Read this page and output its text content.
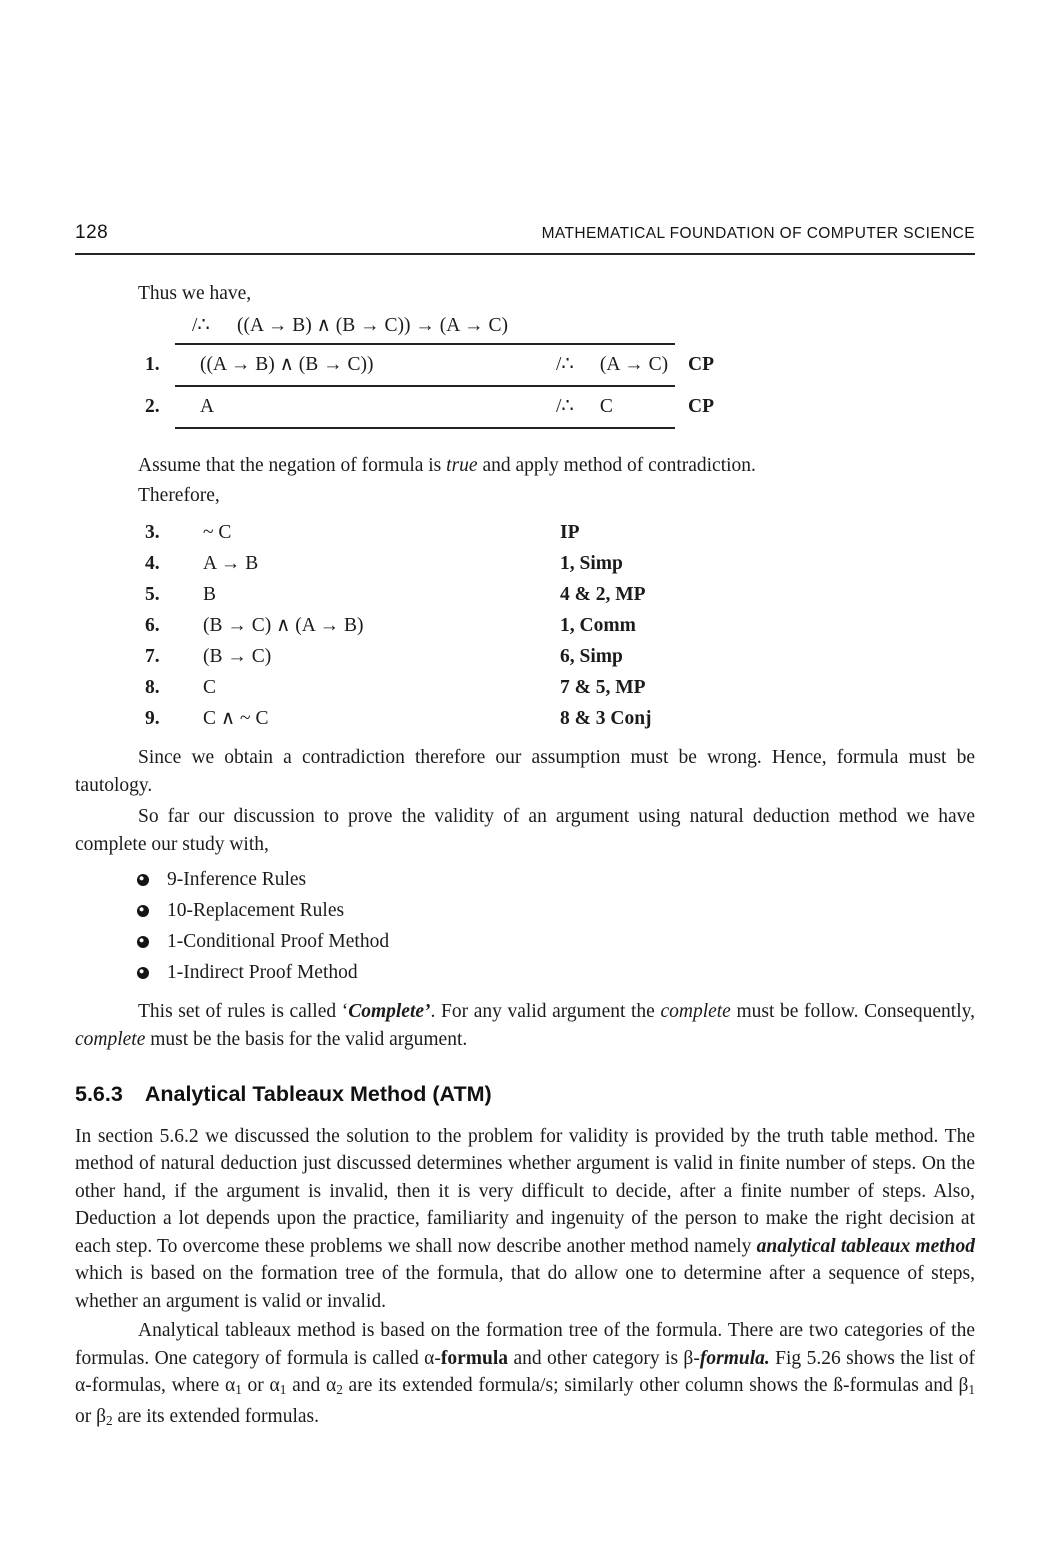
128	MATHEMATICAL FOUNDATION OF COMPUTER SCIENCE

Thus we have,

/∴ ((A → B) ∧ (B → C)) → (A → C)
1. ((A → B) ∧ (B → C))	/∴ (A → C) CP
2. A	/∴ C	CP

Assume that the negation of formula is true and apply method of contradiction.

Therefore,

3. ~ C	IP
4. A → B	1, Simp
5. B	4 & 2, MP
6. (B → C) ∧ (A → B)	1, Comm
7. (B → C)	6, Simp
8. C	7 & 5, MP
9. C ∧ ~ C	8 & 3 Conj

Since we obtain a contradiction therefore our assumption must be wrong. Hence, formula must be tautology.

So far our discussion to prove the validity of an argument using natural deduction method we have complete our study with,

9-Inference Rules
10-Replacement Rules
1-Conditional Proof Method
1-Indirect Proof Method

This set of rules is called ‘Complete’. For any valid argument the complete must be follow. Consequently, complete must be the basis for the valid argument.

5.6.3 Analytical Tableaux Method (ATM)

In section 5.6.2 we discussed the solution to the problem for validity is provided by the truth table method. The method of natural deduction just discussed determines whether argument is valid in finite number of steps. On the other hand, if the argument is invalid, then it is very difficult to decide, after a finite number of steps. Also, Deduction a lot depends upon the practice, familiarity and ingenuity of the person to make the right decision at each step. To overcome these problems we shall now describe another method namely analytical tableaux method which is based on the formation tree of the formula, that do allow one to determine after a sequence of steps, whether an argument is valid or invalid.

Analytical tableaux method is based on the formation tree of the formula. There are two categories of the formulas. One category of formula is called α-formula and other category is β-formula. Fig 5.26 shows the list of α-formulas, where α1 or α1 and α2 are its extended formula/s; similarly other column shows the ß-formulas and β1 or β2 are its extended formulas.
